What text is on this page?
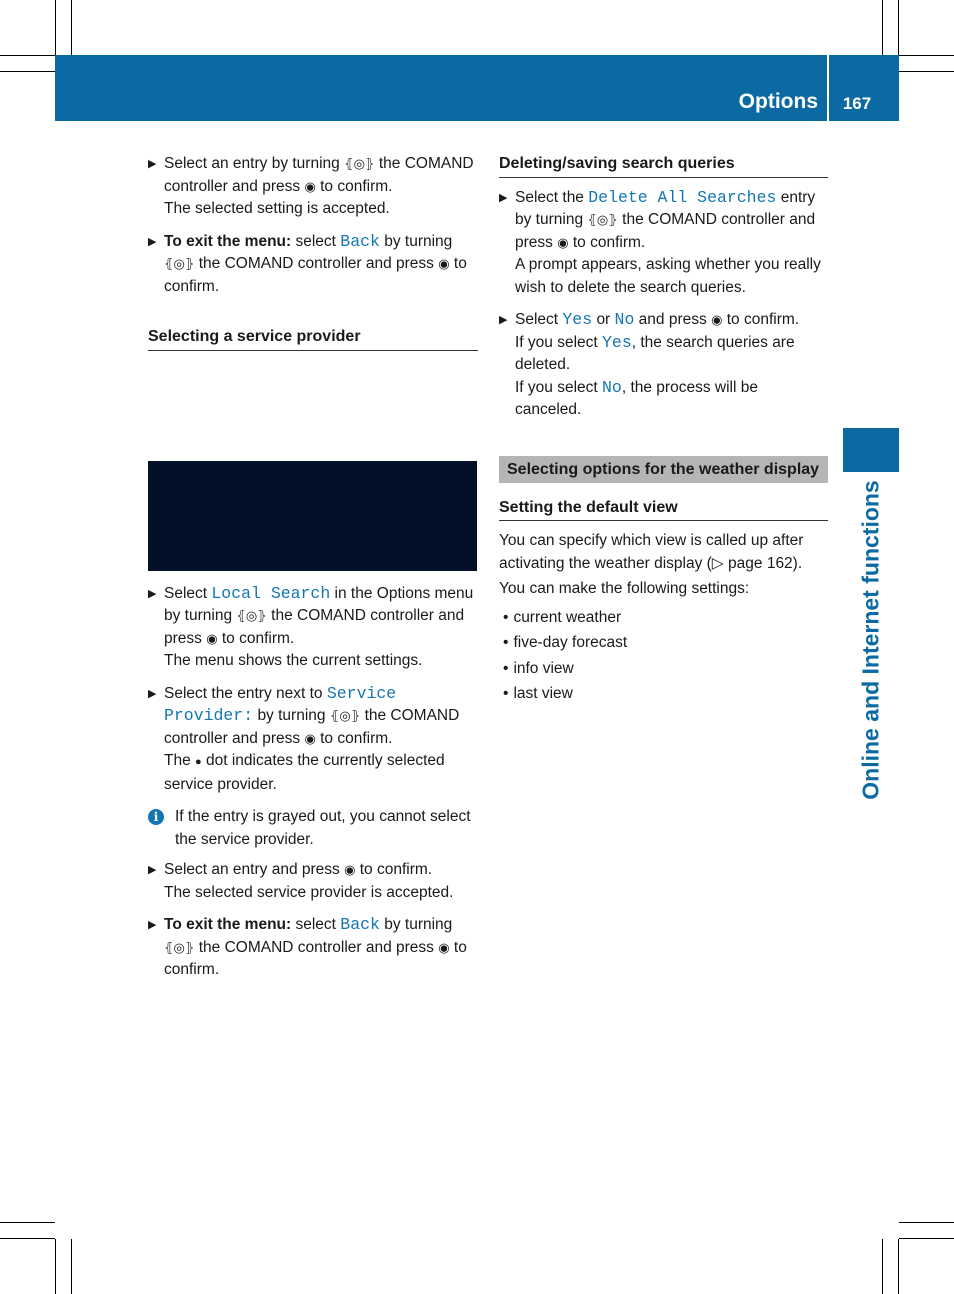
Options	167
Online and Internet functions
▶ Select an entry by turning ⦃◎⦄ the COMAND controller and press ◉ to confirm.

The selected setting is accepted.

▶ To exit the menu: select Back by turning ⦃◎⦄ the COMAND controller and press ◉ to confirm.

Selecting a service provider
▶ Select Local Search in the Options menu by turning ⦃◎⦄ the COMAND controller and press ◉ to confirm.

The menu shows the current settings.

▶ Select the entry next to Service Provider: by turning ⦃◎⦄ the COMAND controller and press ◉ to confirm.

The ● dot indicates the currently selected service provider.

i	If the entry is grayed out, you cannot select the service provider.

▶ Select an entry and press ◉ to confirm.

The selected service provider is accepted.

▶ To exit the menu: select Back by turning ⦃◎⦄ the COMAND controller and press ◉ to confirm.

Deleting/saving search queries
▶ Select the Delete All Searches entry by turning ⦃◎⦄ the COMAND controller and press ◉ to confirm.

A prompt appears, asking whether you really wish to delete the search queries.

▶ Select Yes or No and press ◉ to confirm.

If you select Yes, the search queries are deleted.

If you select No, the process will be canceled.

Selecting options for the weather display
Setting the default view

You can specify which view is called up after activating the weather display (▷ page 162).

You can make the following settings:

• current weather
• five-day forecast
• info view
• last view
